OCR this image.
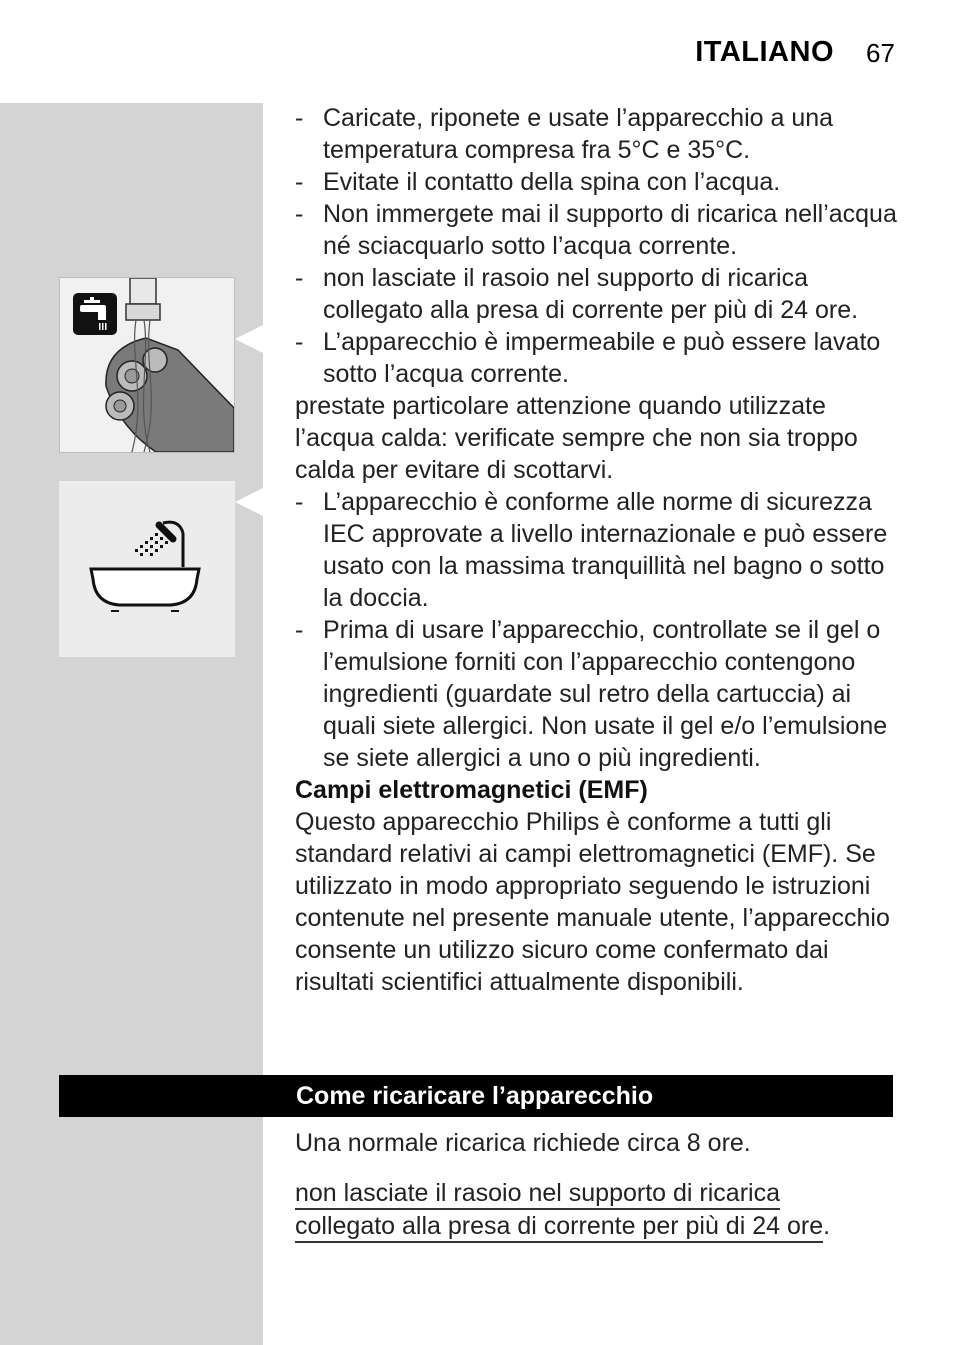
ITALIANO 67
- Caricate, riponete e usate l’apparecchio a una temperatura compresa fra 5°C e 35°C.
- Evitate il contatto della spina con l’acqua.
- Non immergete mai il supporto di ricarica nell’acqua né sciacquarlo sotto l’acqua corrente.
- non lasciate il rasoio nel supporto di ricarica collegato alla presa di corrente per più di 24 ore.
- L’apparecchio è impermeabile e può essere lavato sotto l’acqua corrente.

prestate particolare attenzione quando utilizzate l’acqua calda: verificate sempre che non sia troppo calda per evitare di scottarvi.

- L’apparecchio è conforme alle norme di sicurezza IEC approvate a livello internazionale e può essere usato con la massima tranquillità nel bagno o sotto la doccia.
- Prima di usare l’apparecchio, controllate se il gel o l’emulsione forniti con l’apparecchio contengono ingredienti (guardate sul retro della cartuccia) ai quali siete allergici. Non usate il gel e/o l’emulsione se siete allergici a uno o più ingredienti.

Campi elettromagnetici (EMF)

Questo apparecchio Philips è conforme a tutti gli standard relativi ai campi elettromagnetici (EMF). Se utilizzato in modo appropriato seguendo le istruzioni contenute nel presente manuale utente, l’apparecchio consente un utilizzo sicuro come confermato dai risultati scientifici attualmente disponibili.

Come ricaricare l’apparecchio

Una normale ricarica richiede circa 8 ore.

non lasciate il rasoio nel supporto di ricarica
collegato alla presa di corrente per più di 24 ore.
